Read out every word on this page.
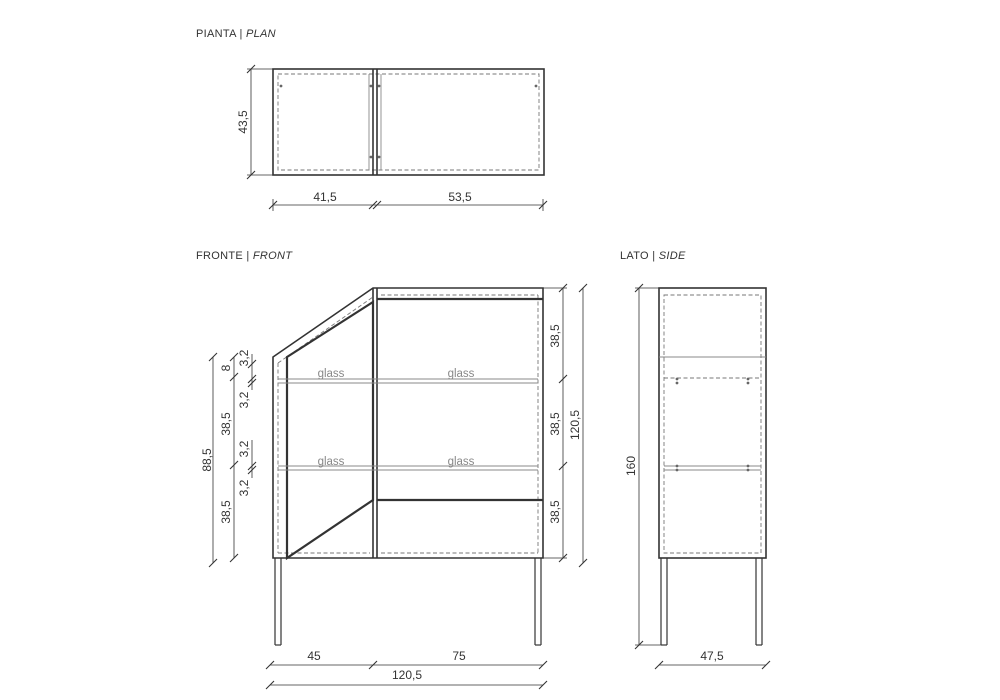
PIANTA | PLAN
FRONTE | FRONT	LATO | SIDE
43,5
41,5	53,5
glass	glass
glass	glass
88,5
8
38,5
38,5
3,2
3,2
3,2
3,2
38,5
38,5
38,5
120,5
45	75
120,5
160
47,5
